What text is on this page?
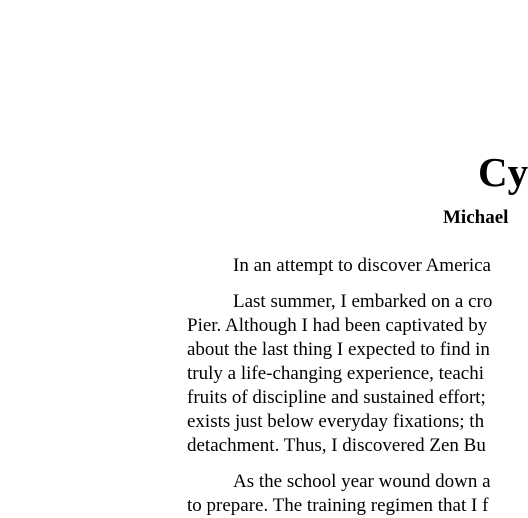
Cy
Michael

In an attempt to discover America

Last summer, I embarked on a cro
Pier. Although I had been captivated by
about the last thing I expected to find in
truly a life-changing experience, teachi
fruits of discipline and sustained effort;
exists just below everyday fixations; th
detachment. Thus, I discovered Zen Bu

As the school year wound down a
to prepare. The training regimen that I f
